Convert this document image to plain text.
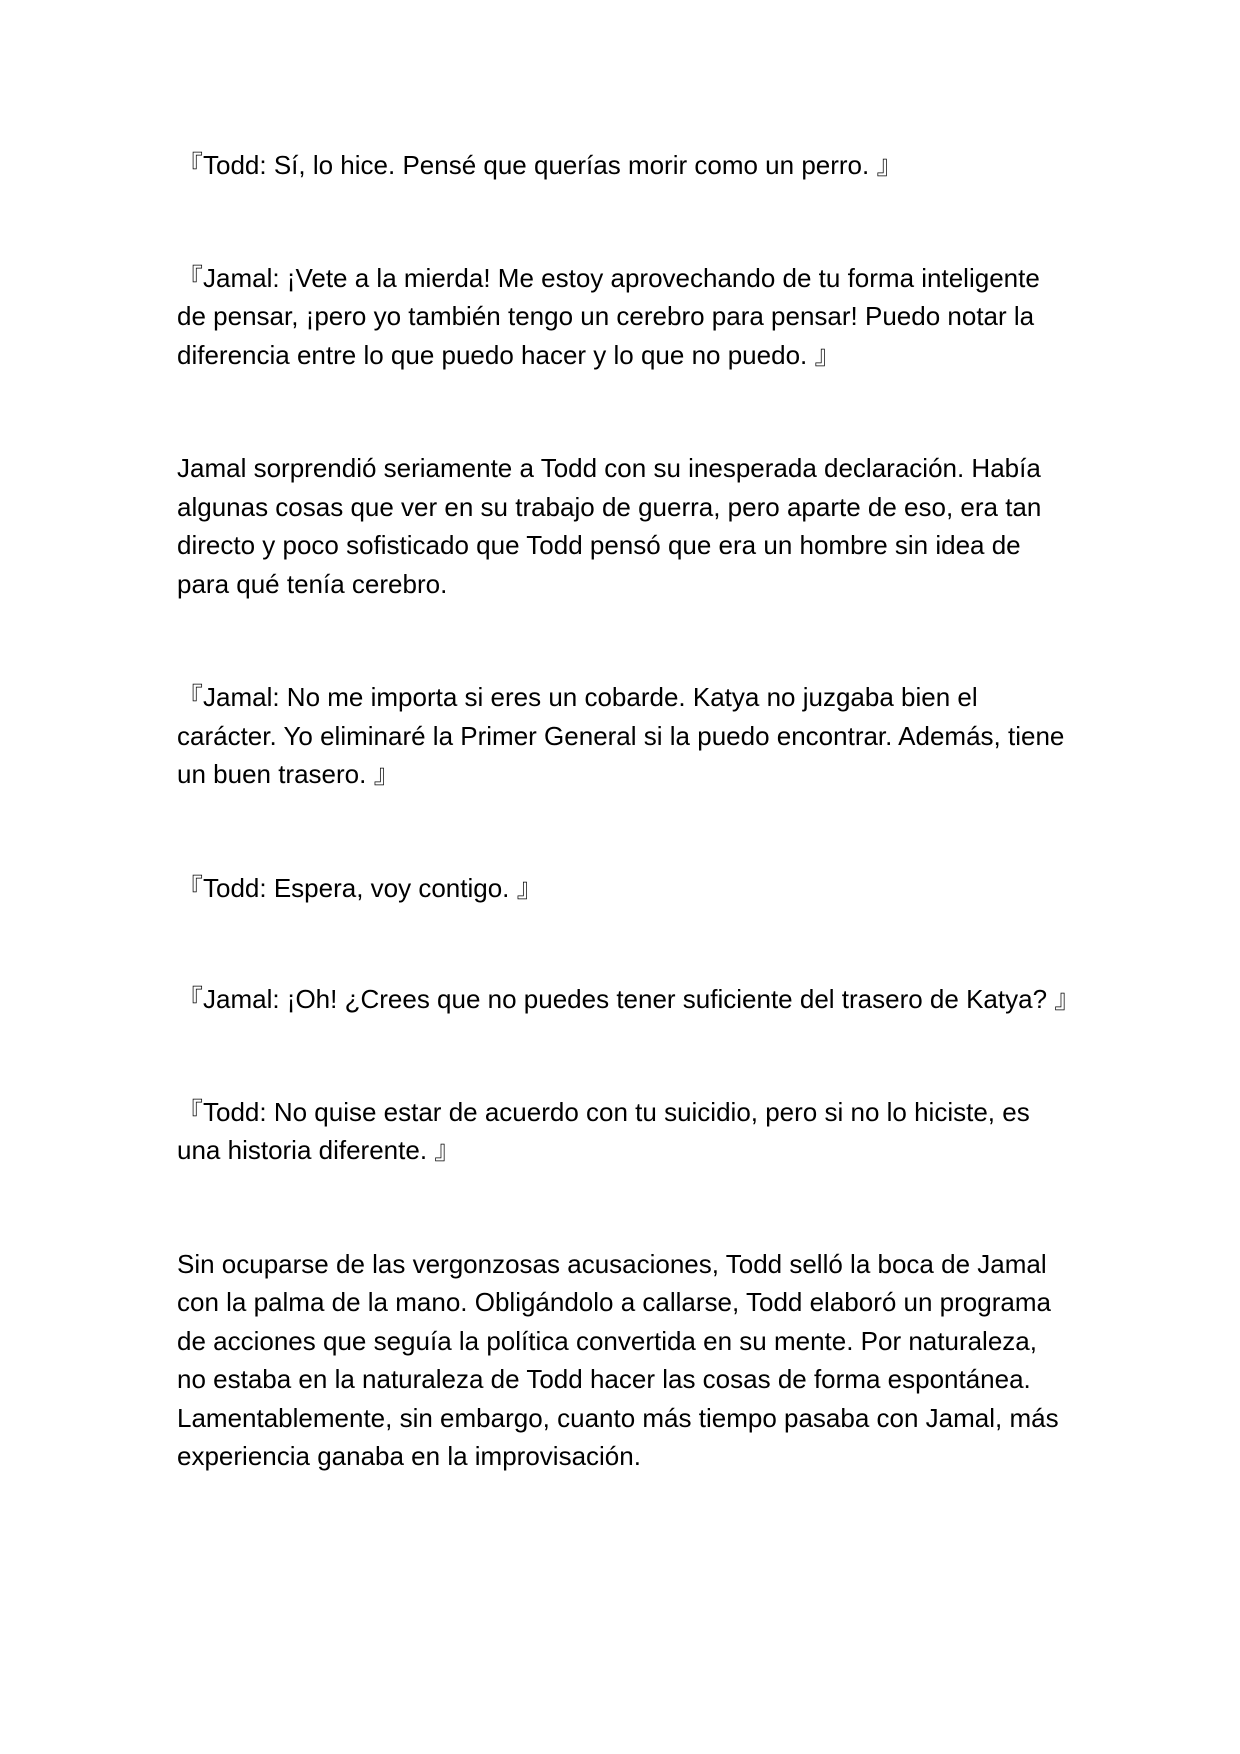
『Todd: Sí, lo hice. Pensé que querías morir como un perro. 』

『Jamal: ¡Vete a la mierda! Me estoy aprovechando de tu forma inteligente de pensar, ¡pero yo también tengo un cerebro para pensar! Puedo notar la diferencia entre lo que puedo hacer y lo que no puedo. 』

Jamal sorprendió seriamente a Todd con su inesperada declaración. Había algunas cosas que ver en su trabajo de guerra, pero aparte de eso, era tan directo y poco sofisticado que Todd pensó que era un hombre sin idea de para qué tenía cerebro.

『Jamal: No me importa si eres un cobarde. Katya no juzgaba bien el carácter. Yo eliminaré la Primer General si la puedo encontrar. Además, tiene un buen trasero. 』

『Todd: Espera, voy contigo. 』

『Jamal: ¡Oh! ¿Crees que no puedes tener suficiente del trasero de Katya? 』

『Todd: No quise estar de acuerdo con tu suicidio, pero si no lo hiciste, es una historia diferente. 』

Sin ocuparse de las vergonzosas acusaciones, Todd selló la boca de Jamal con la palma de la mano. Obligándolo a callarse, Todd elaboró un programa de acciones que seguía la política convertida en su mente. Por naturaleza, no estaba en la naturaleza de Todd hacer las cosas de forma espontánea. Lamentablemente, sin embargo, cuanto más tiempo pasaba con Jamal, más experiencia ganaba en la improvisación.
